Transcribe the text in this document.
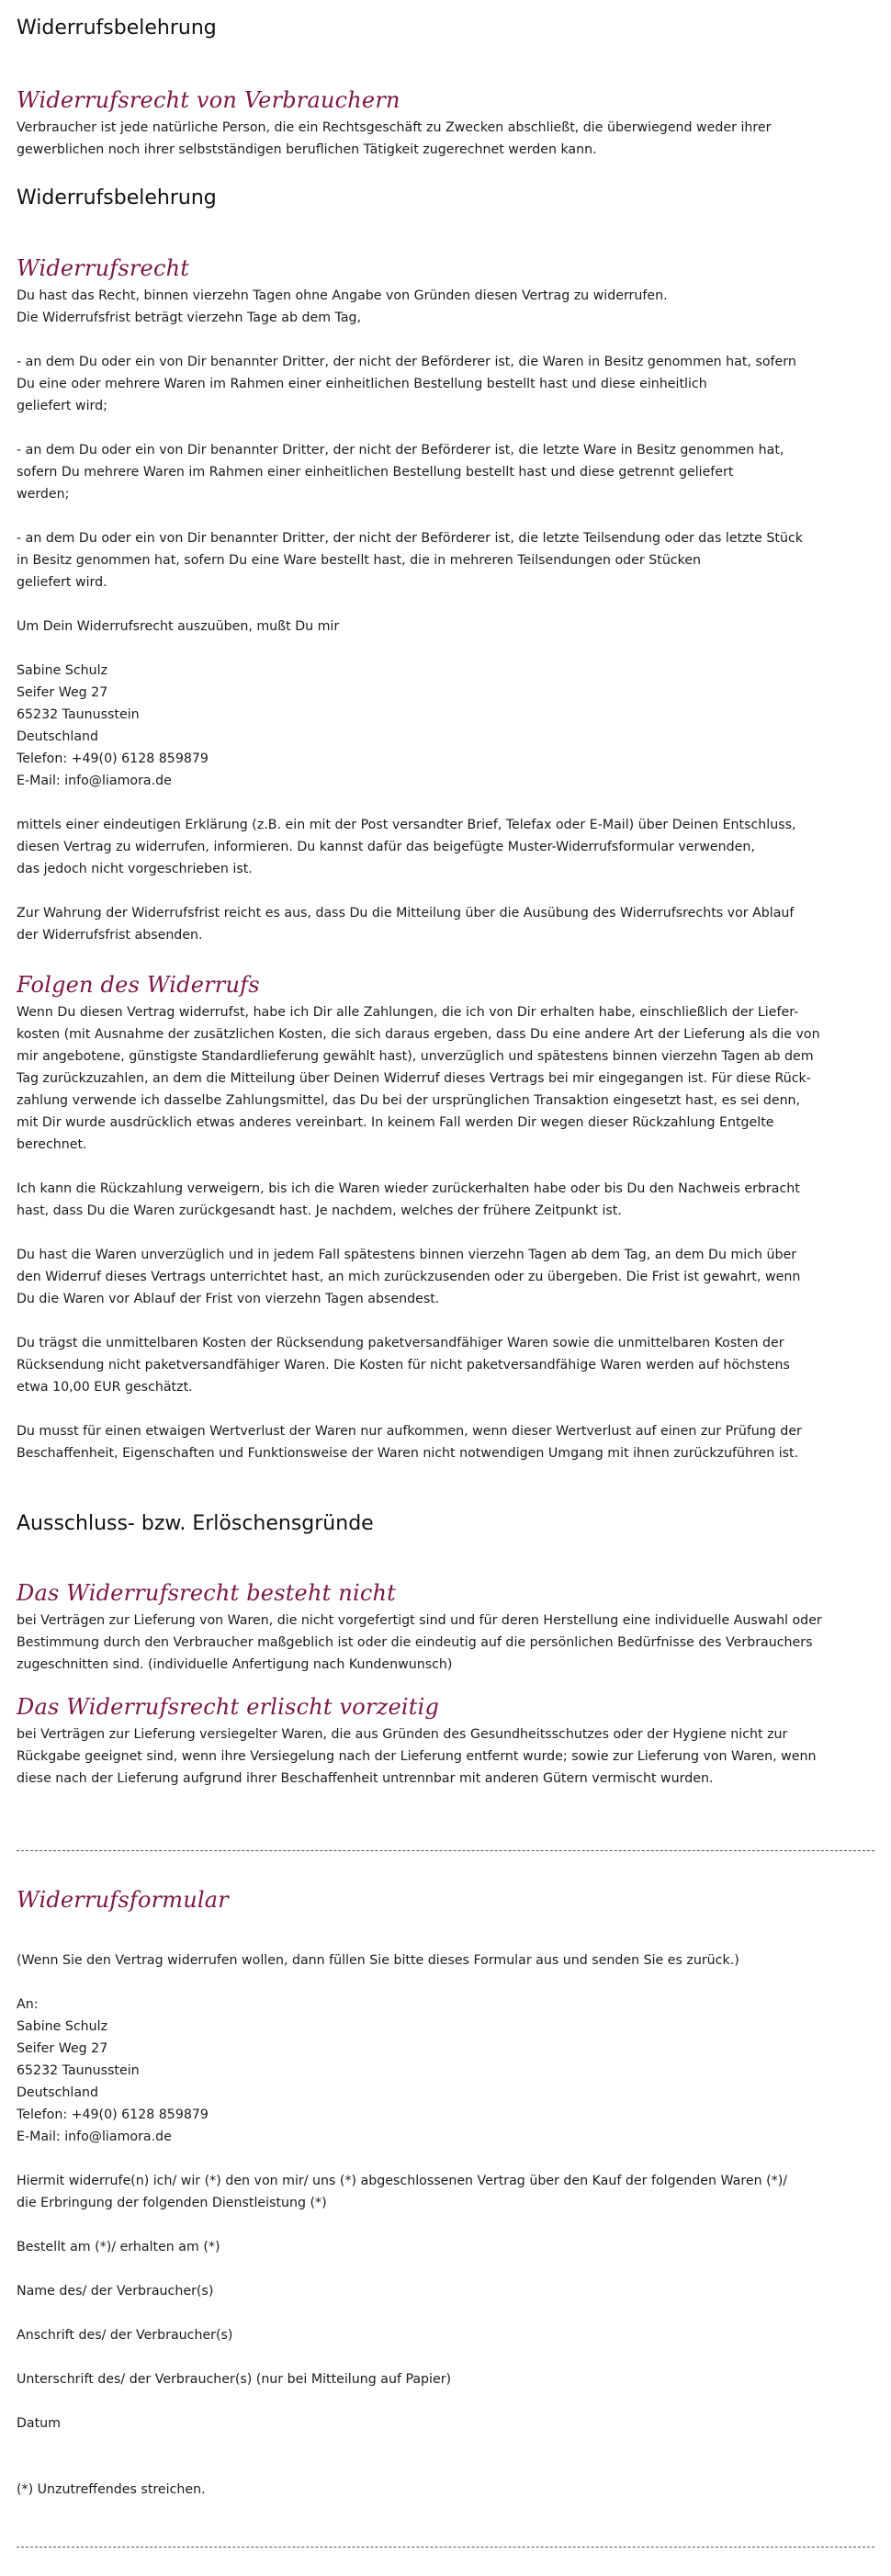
Widerrufsbelehrung
Widerrufsrecht von Verbrauchern
Verbraucher ist jede natürliche Person, die ein Rechtsgeschäft zu Zwecken abschließt, die überwiegend weder ihrer
gewerblichen noch ihrer selbstständigen beruflichen Tätigkeit zugerechnet werden kann.
Widerrufsbelehrung
Widerrufsrecht
Du hast das Recht, binnen vierzehn Tagen ohne Angabe von Gründen diesen Vertrag zu widerrufen.
Die Widerrufsfrist beträgt vierzehn Tage ab dem Tag,
- an dem Du oder ein von Dir benannter Dritter, der nicht der Beförderer ist, die Waren in Besitz genommen hat, sofern
Du eine oder mehrere Waren im Rahmen einer einheitlichen Bestellung bestellt hast und diese einheitlich
geliefert wird;
- an dem Du oder ein von Dir benannter Dritter, der nicht der Beförderer ist, die letzte Ware in Besitz genommen hat,
sofern Du mehrere Waren im Rahmen einer einheitlichen Bestellung bestellt hast und diese getrennt geliefert
werden;
- an dem Du oder ein von Dir benannter Dritter, der nicht der Beförderer ist, die letzte Teilsendung oder das letzte Stück
in Besitz genommen hat, sofern Du eine Ware bestellt hast, die in mehreren Teilsendungen oder Stücken
geliefert wird.
Um Dein Widerrufsrecht auszuüben, mußt Du mir
Sabine Schulz
Seifer Weg 27
65232 Taunusstein
Deutschland
Telefon: +49(0) 6128 859879
E-Mail: info@liamora.de
mittels einer eindeutigen Erklärung (z.B. ein mit der Post versandter Brief, Telefax oder E-Mail) über Deinen Entschluss,
diesen Vertrag zu widerrufen, informieren. Du kannst dafür das beigefügte Muster-Widerrufsformular verwenden,
das jedoch nicht vorgeschrieben ist.
Zur Wahrung der Widerrufsfrist reicht es aus, dass Du die Mitteilung über die Ausübung des Widerrufsrechts vor Ablauf
der Widerrufsfrist absenden.
Folgen des Widerrufs
Wenn Du diesen Vertrag widerrufst, habe ich Dir alle Zahlungen, die ich von Dir erhalten habe, einschließlich der Liefer-
kosten (mit Ausnahme der zusätzlichen Kosten, die sich daraus ergeben, dass Du eine andere Art der Lieferung als die von
mir angebotene, günstigste Standardlieferung gewählt hast), unverzüglich und spätestens binnen vierzehn Tagen ab dem
Tag zurückzuzahlen, an dem die Mitteilung über Deinen Widerruf dieses Vertrags bei mir eingegangen ist. Für diese Rück-
zahlung verwende ich dasselbe Zahlungsmittel, das Du bei der ursprünglichen Transaktion eingesetzt hast, es sei denn,
mit Dir wurde ausdrücklich etwas anderes vereinbart. In keinem Fall werden Dir wegen dieser Rückzahlung Entgelte
berechnet.
Ich kann die Rückzahlung verweigern, bis ich die Waren wieder zurückerhalten habe oder bis Du den Nachweis erbracht
hast, dass Du die Waren zurückgesandt hast. Je nachdem, welches der frühere Zeitpunkt ist.
Du hast die Waren unverzüglich und in jedem Fall spätestens binnen vierzehn Tagen ab dem Tag, an dem Du mich über
den Widerruf dieses Vertrags unterrichtet hast, an mich zurückzusenden oder zu übergeben. Die Frist ist gewahrt, wenn
Du die Waren vor Ablauf der Frist von vierzehn Tagen absendest.
Du trägst die unmittelbaren Kosten der Rücksendung paketversandfähiger Waren sowie die unmittelbaren Kosten der
Rücksendung nicht paketversandfähiger Waren. Die Kosten für nicht paketversandfähige Waren werden auf höchstens
etwa 10,00 EUR geschätzt.
Du musst für einen etwaigen Wertverlust der Waren nur aufkommen, wenn dieser Wertverlust auf einen zur Prüfung der
Beschaffenheit, Eigenschaften und Funktionsweise der Waren nicht notwendigen Umgang mit ihnen zurückzuführen ist.
Ausschluss- bzw. Erlöschensgründe
Das Widerrufsrecht besteht nicht
bei Verträgen zur Lieferung von Waren, die nicht vorgefertigt sind und für deren Herstellung eine individuelle Auswahl oder
Bestimmung durch den Verbraucher maßgeblich ist oder die eindeutig auf die persönlichen Bedürfnisse des Verbrauchers
zugeschnitten sind. (individuelle Anfertigung nach Kundenwunsch)
Das Widerrufsrecht erlischt vorzeitig
bei Verträgen zur Lieferung versiegelter Waren, die aus Gründen des Gesundheitsschutzes oder der Hygiene nicht zur
Rückgabe geeignet sind, wenn ihre Versiegelung nach der Lieferung entfernt wurde; sowie zur Lieferung von Waren, wenn
diese nach der Lieferung aufgrund ihrer Beschaffenheit untrennbar mit anderen Gütern vermischt wurden.
Widerrufsformular
(Wenn Sie den Vertrag widerrufen wollen, dann füllen Sie bitte dieses Formular aus und senden Sie es zurück.)
An:
Sabine Schulz
Seifer Weg 27
65232 Taunusstein
Deutschland
Telefon: +49(0) 6128 859879
E-Mail: info@liamora.de
Hiermit widerrufe(n) ich/ wir (*) den von mir/ uns (*) abgeschlossenen Vertrag über den Kauf der folgenden Waren (*)/
die Erbringung der folgenden Dienstleistung (*)
Bestellt am (*)/ erhalten am (*)
Name des/ der Verbraucher(s)
Anschrift des/ der Verbraucher(s)
Unterschrift des/ der Verbraucher(s) (nur bei Mitteilung auf Papier)
Datum
(*) Unzutreffendes streichen.
